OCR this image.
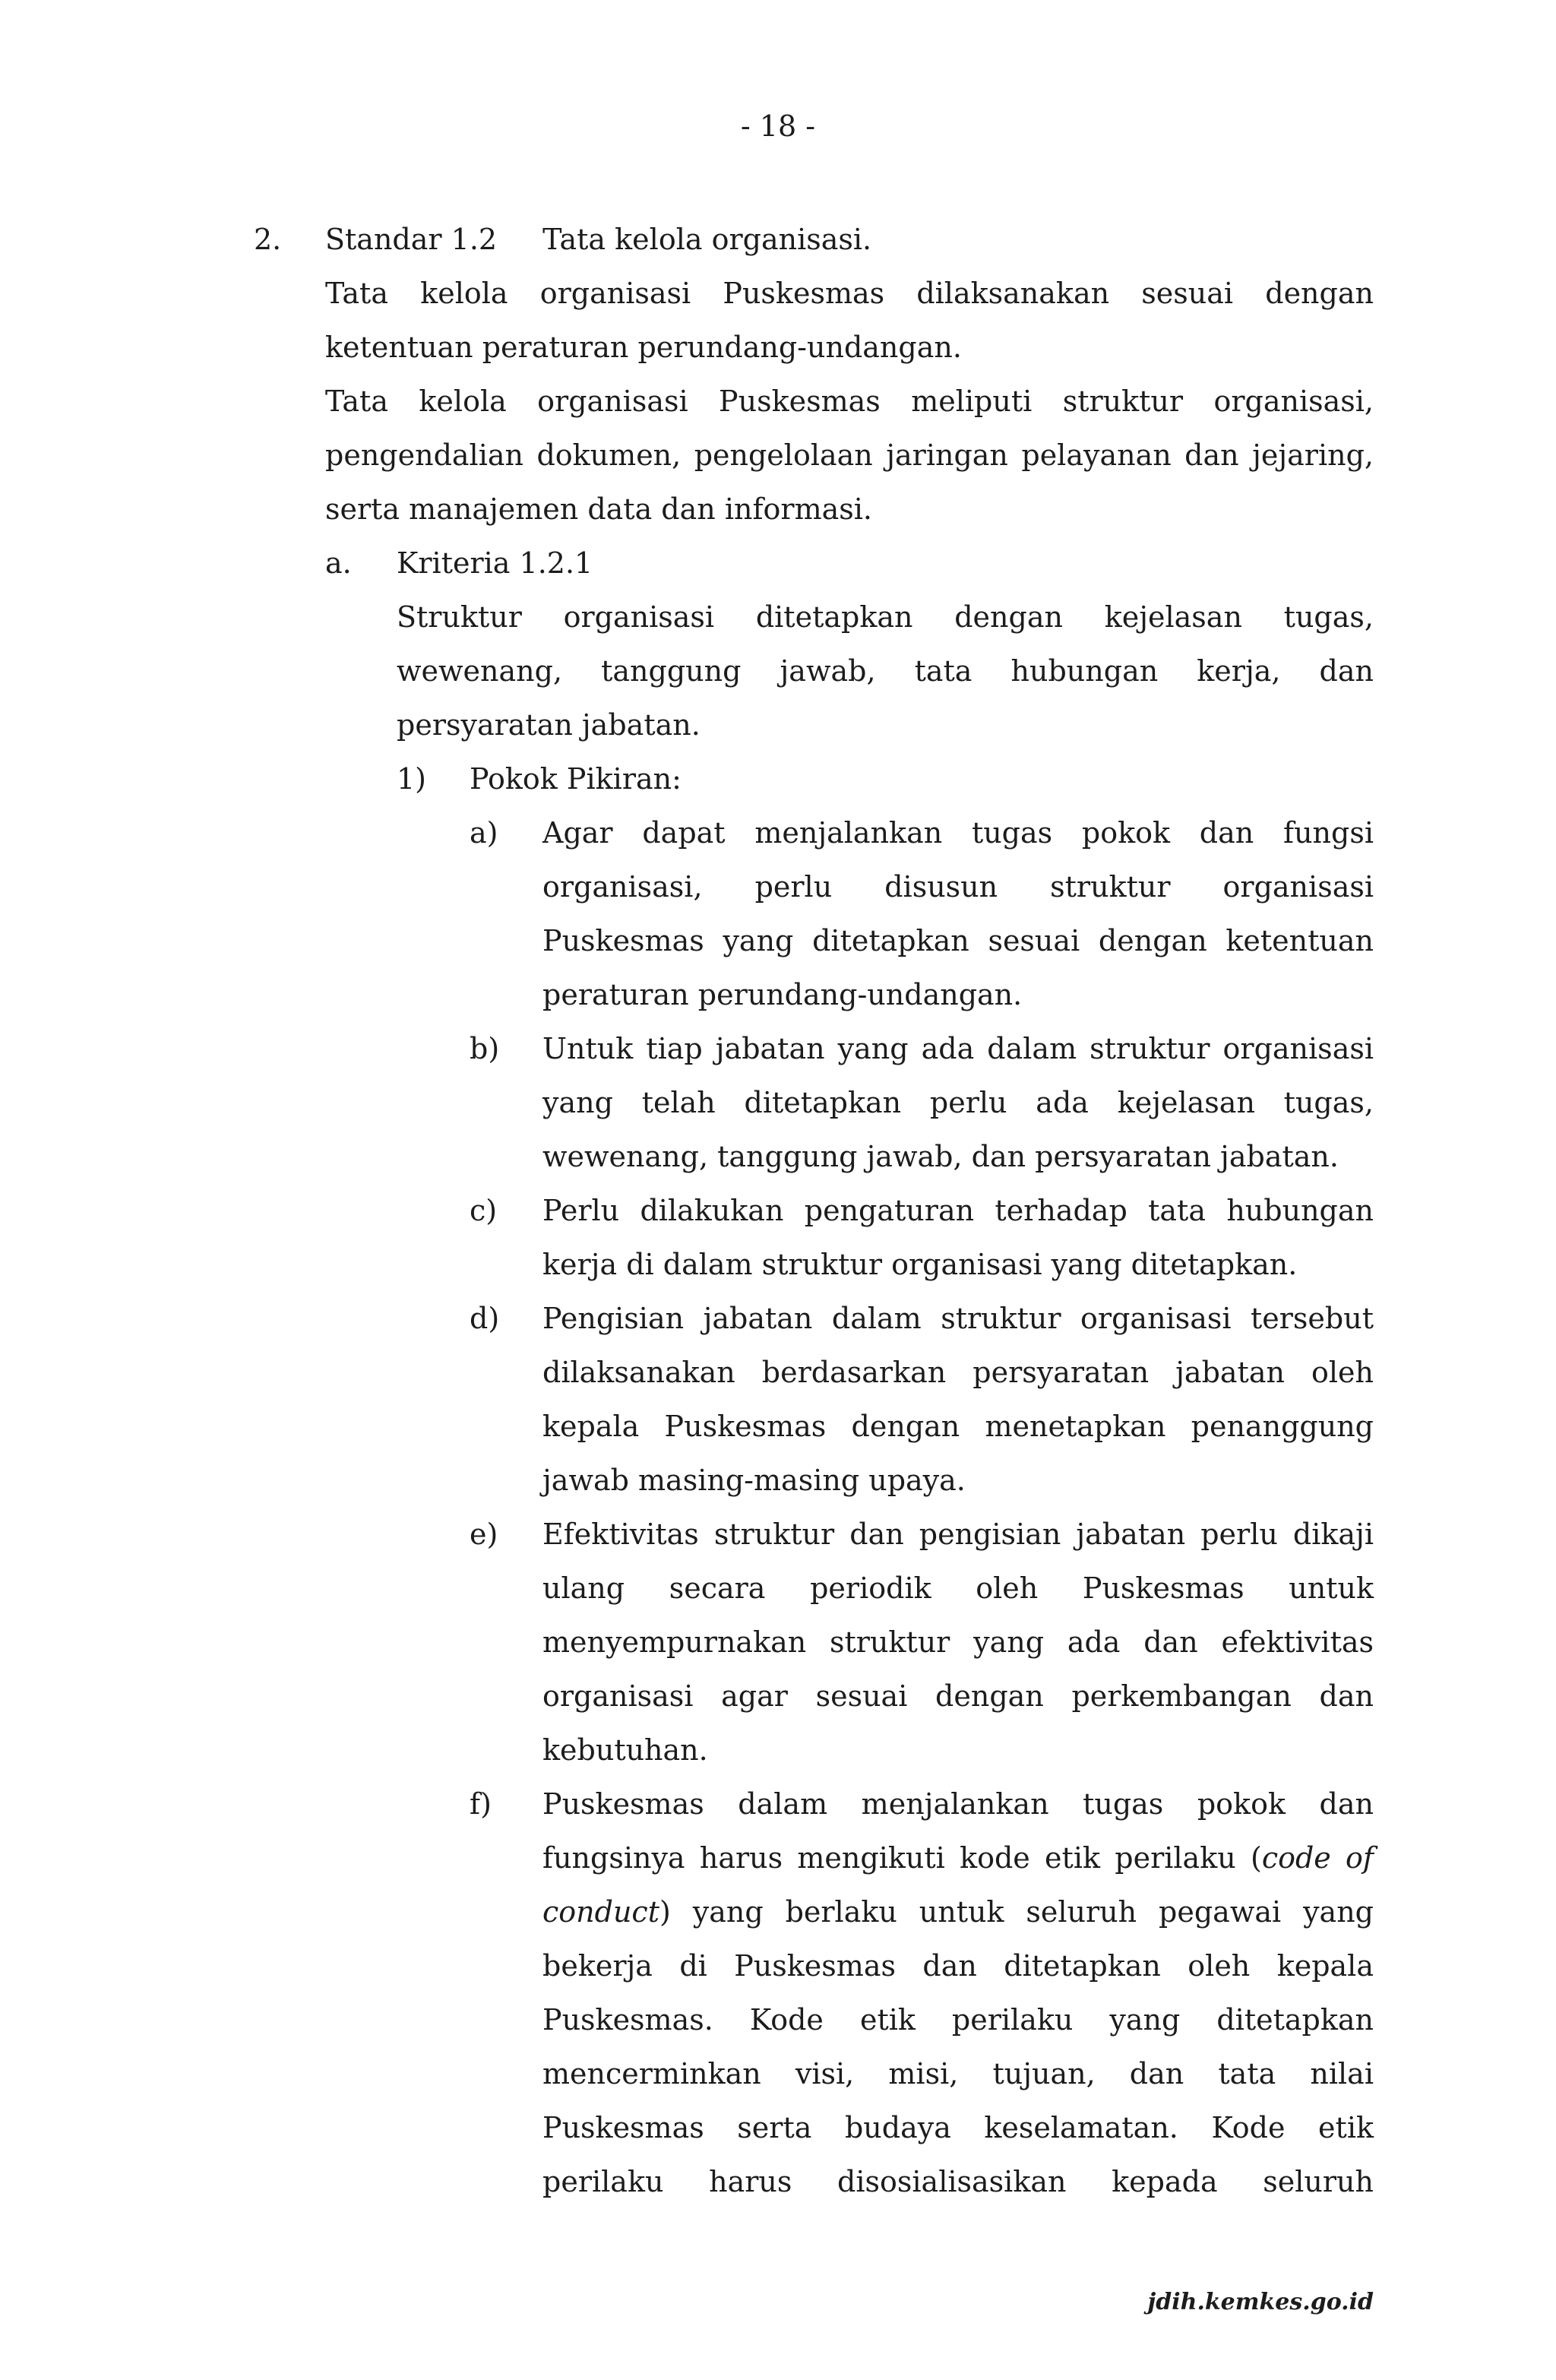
- 18 -
2. Standar 1.2 Tata kelola organisasi.
Tata kelola organisasi Puskesmas dilaksanakan sesuai dengan
ketentuan peraturan perundang-undangan.
Tata kelola organisasi Puskesmas meliputi struktur organisasi,
pengendalian dokumen, pengelolaan jaringan pelayanan dan jejaring,
serta manajemen data dan informasi.
a. Kriteria 1.2.1
Struktur organisasi ditetapkan dengan kejelasan tugas,
wewenang, tanggung jawab, tata hubungan kerja, dan
persyaratan jabatan.
1) Pokok Pikiran:
a) Agar dapat menjalankan tugas pokok dan fungsi
organisasi, perlu disusun struktur organisasi
Puskesmas yang ditetapkan sesuai dengan ketentuan
peraturan perundang-undangan.
b) Untuk tiap jabatan yang ada dalam struktur organisasi
yang telah ditetapkan perlu ada kejelasan tugas,
wewenang, tanggung jawab, dan persyaratan jabatan.
c) Perlu dilakukan pengaturan terhadap tata hubungan
kerja di dalam struktur organisasi yang ditetapkan.
d) Pengisian jabatan dalam struktur organisasi tersebut
dilaksanakan berdasarkan persyaratan jabatan oleh
kepala Puskesmas dengan menetapkan penanggung
jawab masing-masing upaya.
e) Efektivitas struktur dan pengisian jabatan perlu dikaji
ulang secara periodik oleh Puskesmas untuk
menyempurnakan struktur yang ada dan efektivitas
organisasi agar sesuai dengan perkembangan dan
kebutuhan.
f) Puskesmas dalam menjalankan tugas pokok dan
fungsinya harus mengikuti kode etik perilaku (code of
conduct) yang berlaku untuk seluruh pegawai yang
bekerja di Puskesmas dan ditetapkan oleh kepala
Puskesmas. Kode etik perilaku yang ditetapkan
mencerminkan visi, misi, tujuan, dan tata nilai
Puskesmas serta budaya keselamatan. Kode etik
perilaku harus disosialisasikan kepada seluruh
jdih.kemkes.go.id
